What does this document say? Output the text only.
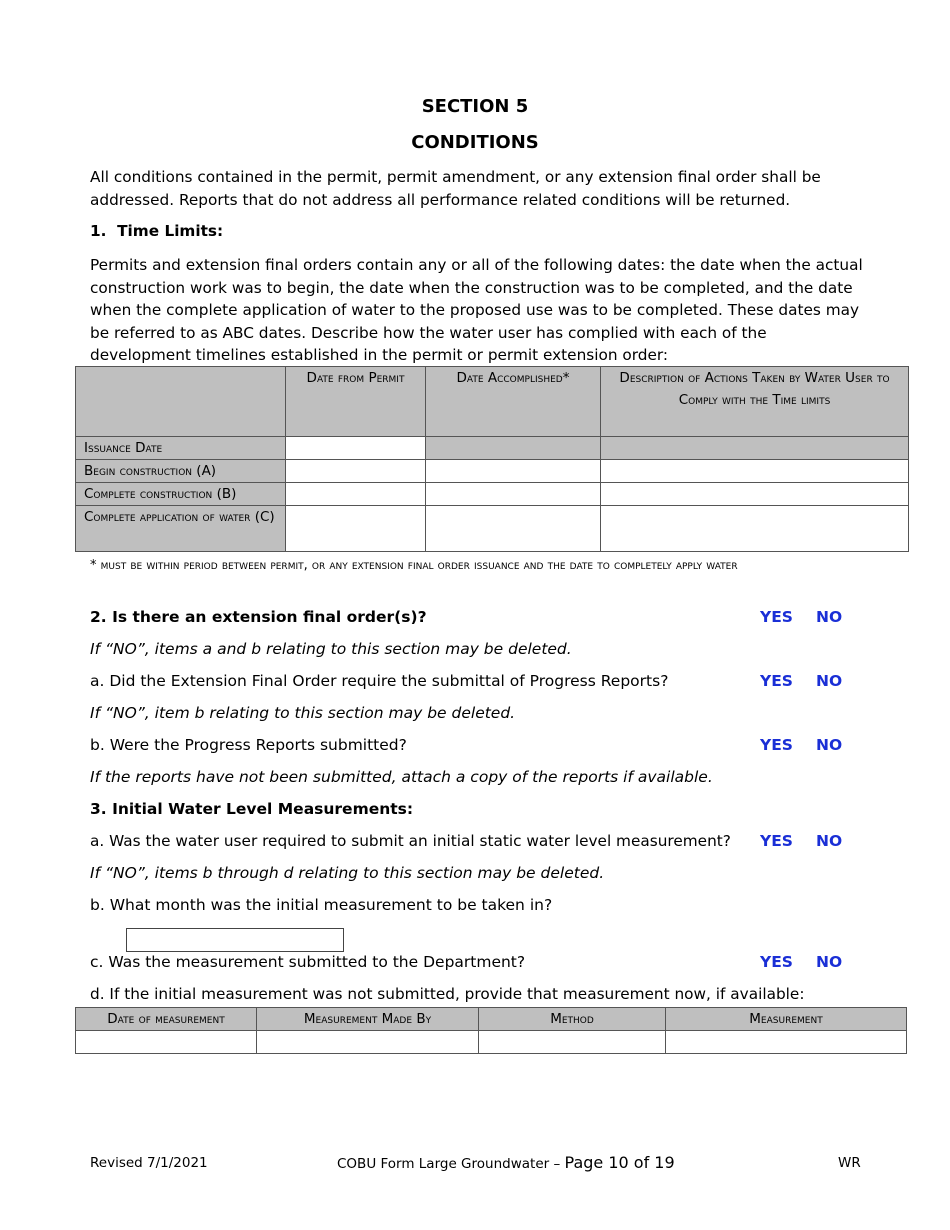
SECTION 5
CONDITIONS
All conditions contained in the permit, permit amendment, or any extension final order shall be addressed. Reports that do not address all performance related conditions will be returned.
1. Time Limits:
Permits and extension final orders contain any or all of the following dates: the date when the actual construction work was to begin, the date when the construction was to be completed, and the date when the complete application of water to the proposed use was to be completed. These dates may be referred to as ABC dates. Describe how the water user has complied with each of the development timelines established in the permit or permit extension order:
	Date from Permit	Date Accomplished*	Description of Actions Taken by Water User to Comply with the Time limits
Issuance Date			
Begin construction (A)			
Complete construction (B)			
Complete application of water (C)			
* must be within period between permit, or any extension final order issuance and the date to completely apply water
2. Is there an extension final order(s)?	YES NO
If “NO”, items a and b relating to this section may be deleted.
a. Did the Extension Final Order require the submittal of Progress Reports?	YES NO
If “NO”, item b relating to this section may be deleted.
b. Were the Progress Reports submitted?	YES NO
If the reports have not been submitted, attach a copy of the reports if available.
3. Initial Water Level Measurements:
a. Was the water user required to submit an initial static water level measurement? YES NO
If “NO”, items b through d relating to this section may be deleted.
b. What month was the initial measurement to be taken in?
c. Was the measurement submitted to the Department?	YES NO
d. If the initial measurement was not submitted, provide that measurement now, if available:
Date of measurement	Measurement Made By	Method	Measurement

Revised 7/1/2021	COBU Form Large Groundwater – Page 10 of 19	WR
